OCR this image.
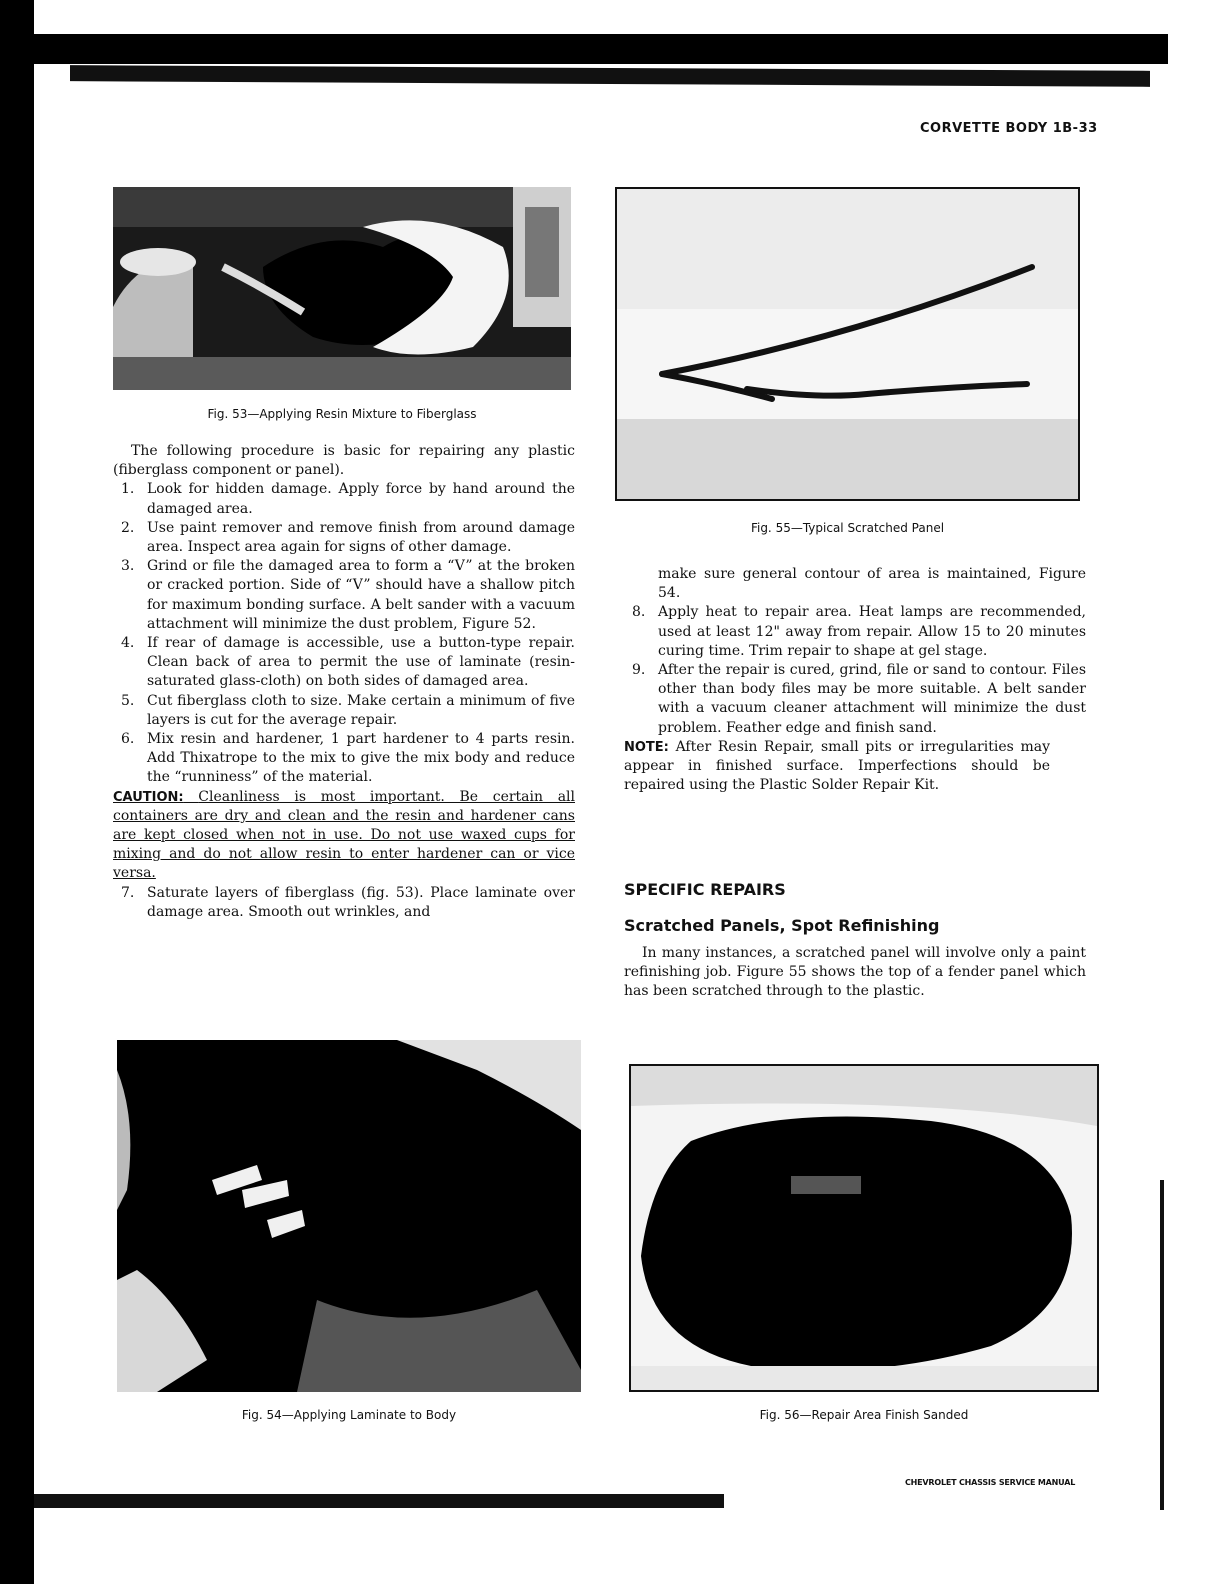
CORVETTE BODY 1B-33
Fig. 53—Applying Resin Mixture to Fiberglass
Fig. 55—Typical Scratched Panel

The following procedure is basic for repairing any plastic (fiberglass component or panel).

1. Look for hidden damage. Apply force by hand around the damaged area.
2. Use paint remover and remove finish from around damage area. Inspect area again for signs of other damage.
3. Grind or file the damaged area to form a “V” at the broken or cracked portion. Side of “V” should have a shallow pitch for maximum bonding surface. A belt sander with a vacuum attachment will minimize the dust problem, Figure 52.
4. If rear of damage is accessible, use a button-type repair. Clean back of area to permit the use of laminate (resin-saturated glass-cloth) on both sides of damaged area.
5. Cut fiberglass cloth to size. Make certain a minimum of five layers is cut for the average repair.
6. Mix resin and hardener, 1 part hardener to 4 parts resin. Add Thixatrope to the mix to give the mix body and reduce the “runniness” of the material.

CAUTION: Cleanliness is most important. Be certain all containers are dry and clean and the resin and hardener cans are kept closed when not in use. Do not use waxed cups for mixing and do not allow resin to enter hardener can or vice versa.

7. Saturate layers of fiberglass (fig. 53). Place laminate over damage area. Smooth out wrinkles, and

make sure general contour of area is maintained, Figure 54.

8. Apply heat to repair area. Heat lamps are recommended, used at least 12" away from repair. Allow 15 to 20 minutes curing time. Trim repair to shape at gel stage.
9. After the repair is cured, grind, file or sand to contour. Files other than body files may be more suitable. A belt sander with a vacuum cleaner attachment will minimize the dust problem. Feather edge and finish sand.

NOTE: After Resin Repair, small pits or irregularities may appear in finished surface. Imperfections should be repaired using the Plastic Solder Repair Kit.

SPECIFIC REPAIRS
Scratched Panels, Spot Refinishing

In many instances, a scratched panel will involve only a paint refinishing job. Figure 55 shows the top of a fender panel which has been scratched through to the plastic.

Fig. 54—Applying Laminate to Body	Fig. 56—Repair Area Finish Sanded
CHEVROLET CHASSIS SERVICE MANUAL
